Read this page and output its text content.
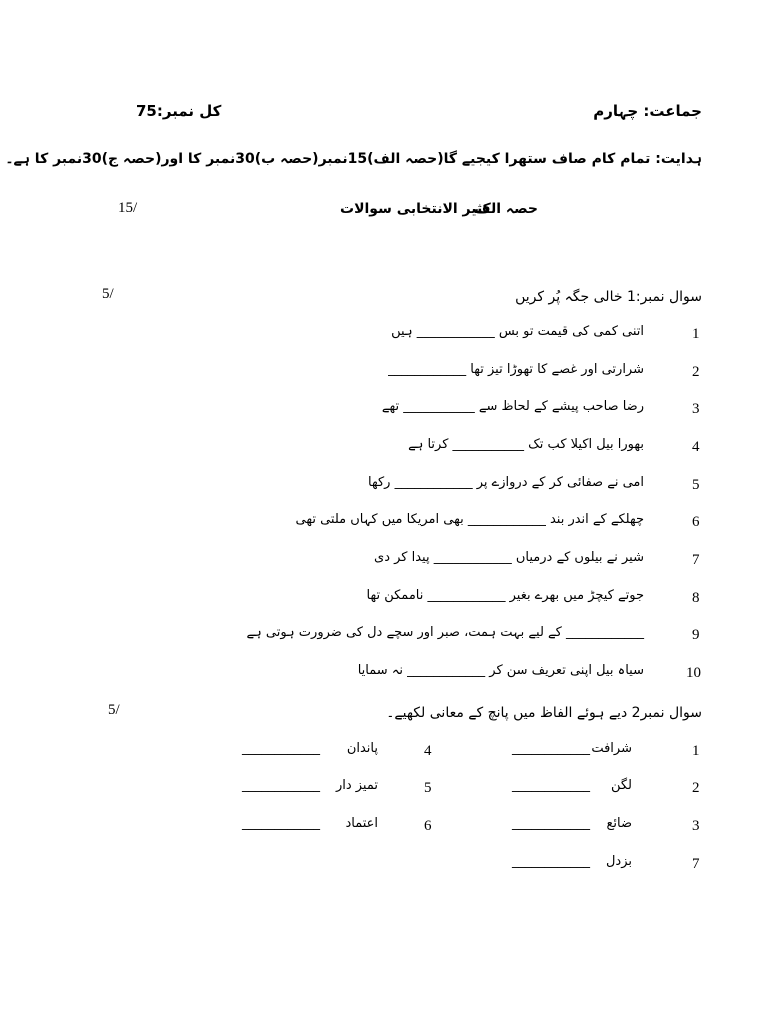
جماعت: چہارم
کل نمبر:75
ہدایت: تمام کام صاف ستھرا کیجیے گا(حصہ الف)15نمبر(حصہ ب)30نمبر کا اور(حصہ ج)30نمبر کا ہے۔
حصہ الف
کثیر الانتخابی سوالات
15/
سوال نمبر:1 خالی جگہ پُر کریں
5/
1
اتنی کمی کی قیمت تو بس ____________ ہیں
2
شرارتی اور غصے کا تھوڑا تیز تھا ____________
3
رضا صاحب پیشے کے لحاظ سے ___________ تھے
4
بھورا بیل اکیلا کب تک ___________ کرتا ہے
5
امی نے صفائی کر کے دروازے پر ____________ رکھا
6
چھلکے کے اندر بند ____________ بھی امریکا میں کہاں ملتی تھی
7
شیر نے بیلوں کے درمیاں ____________ پیدا کر دی
8
جوتے کیچڑ میں بھرے بغیر ____________ ناممکن تھا
9
____________ کے لیے بہت ہمت، صبر اور سچے دل کی ضرورت ہوتی ہے
10
سیاہ بیل اپنی تعریف سن کر ____________ نہ سمایا
سوال نمبر2 دیے ہوئے الفاظ میں پانچ کے معانی لکھیے۔
5/
1
شرافت
____________
2
لگن
____________
3
ضائع
____________
7
بزدل
____________
4
پاندان
____________
5
تمیز دار
____________
6
اعتماد
____________
